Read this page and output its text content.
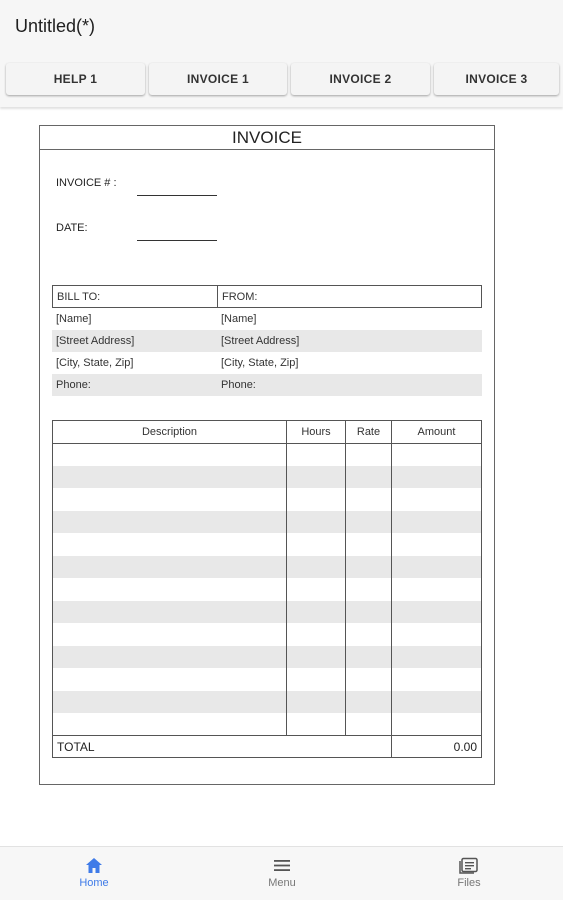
Untitled(*)
HELP 1	INVOICE 1	INVOICE 2	INVOICE 3
INVOICE
INVOICE # :
DATE:
BILL TO:	FROM:
[Name]	[Name]
[Street Address]	[Street Address]
[City, State, Zip]	[City, State, Zip]
Phone:	Phone:
Description	Hours	Rate	Amount
TOTAL	0.00
Home	Menu	Files
